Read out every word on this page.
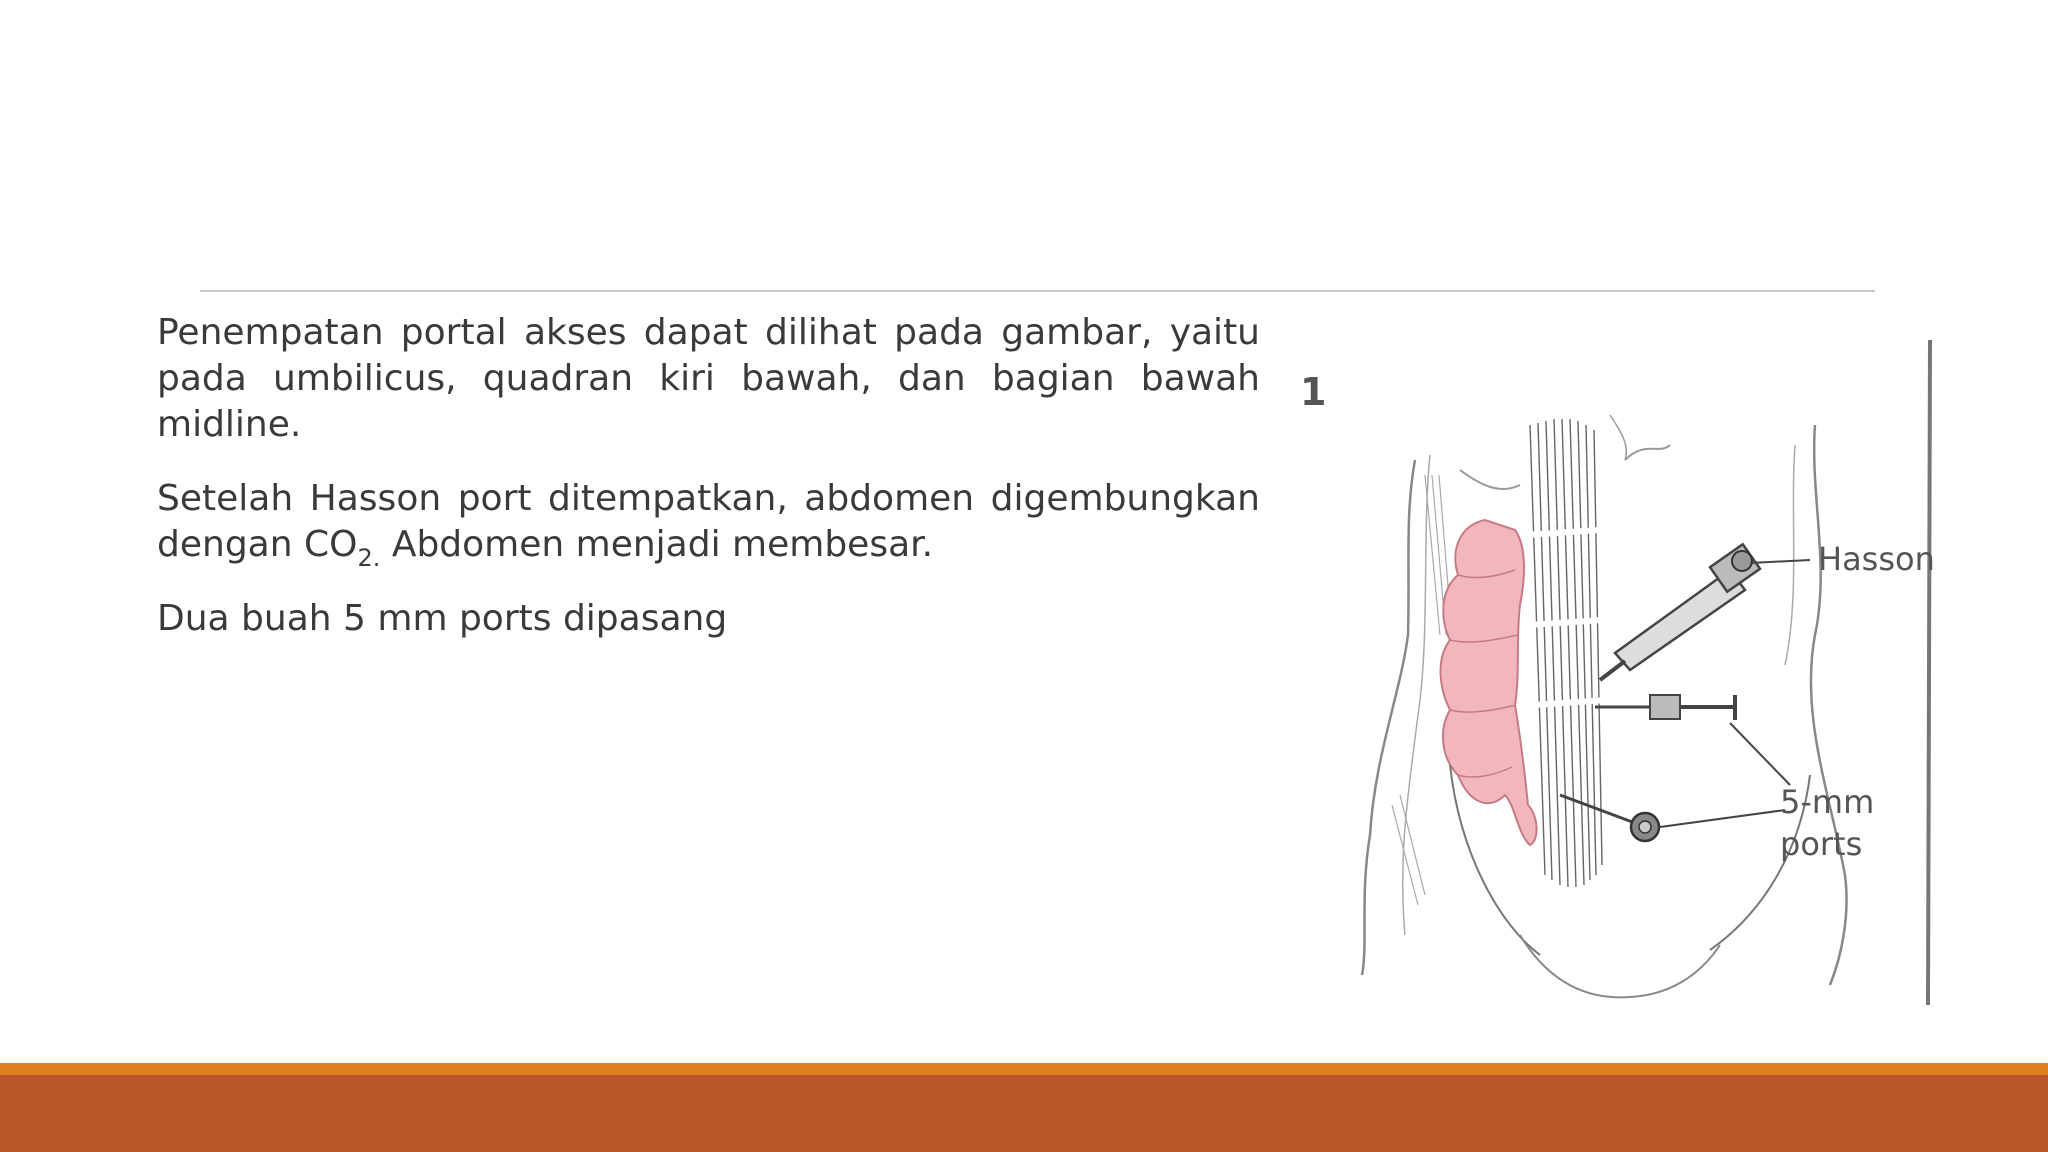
Penempatan portal akses dapat dilihat pada gambar, yaitu pada umbilicus, quadran kiri bawah, dan bagian bawah midline.

Setelah Hasson port ditempatkan, abdomen digembungkan dengan $CO_{2.}$ Abdomen menjadi membesar.

Dua buah 5 mm ports dipasang

1
Hasson
5-mm
ports
